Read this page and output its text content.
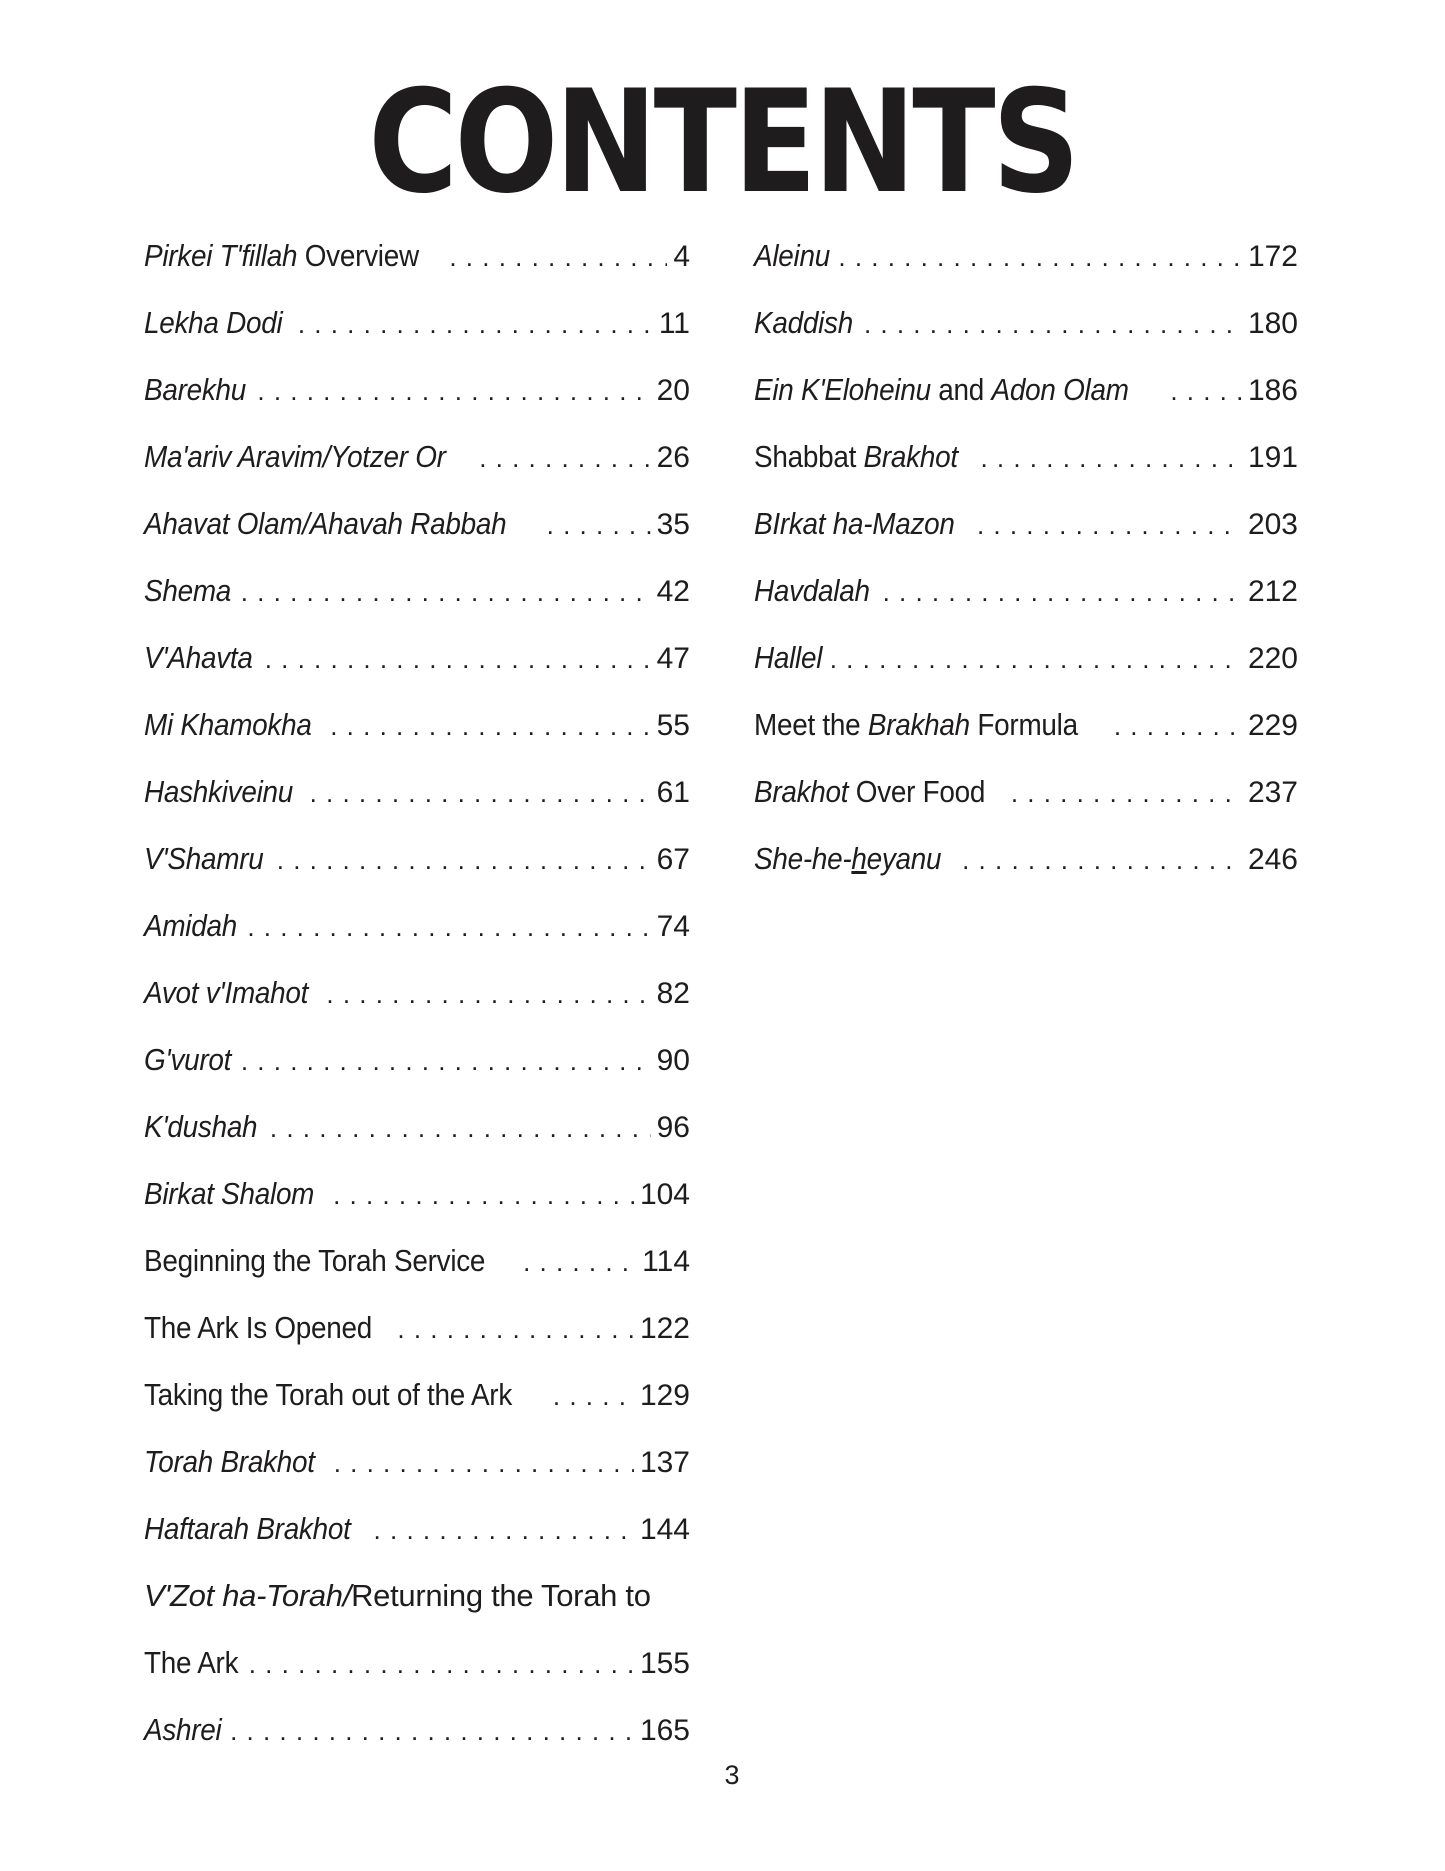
CONTENTS
Pirkei T'fillah Overview . . .	4
Lekha Dodi . . .	11
Barekhu . . .	20
Ma'ariv Aravim/Yotzer Or . . .	26
Ahavat Olam/Ahavah Rabbah . . .	35
Shema . . .	42
V'Ahavta . . .	47
Mi Khamokha . . .	55
Hashkiveinu . . .	61
V'Shamru . . .	67
Amidah . . .	74
Avot v'Imahot . . .	82
G'vurot . . .	90
K'dushah . . .	96
Birkat Shalom . . .	104
Beginning the Torah Service . . .	114
The Ark Is Opened . . .	122
Taking the Torah out of the Ark . . .	129
Torah Brakhot . . .	137
Haftarah Brakhot . . .	144
V'Zot ha-Torah/Returning the Torah to
The Ark . . .	155
Ashrei . . .	165
Aleinu . . .	172
Kaddish . . .	180
Ein K'Eloheinu and Adon Olam . . .	186
Shabbat Brakhot . . .	191
BIrkat ha-Mazon . . .	203
Havdalah . . .	212
Hallel . . .	220
Meet the Brakhah Formula . . .	229
Brakhot Over Food . . .	237
She-he-heyanu . . .	246
3
